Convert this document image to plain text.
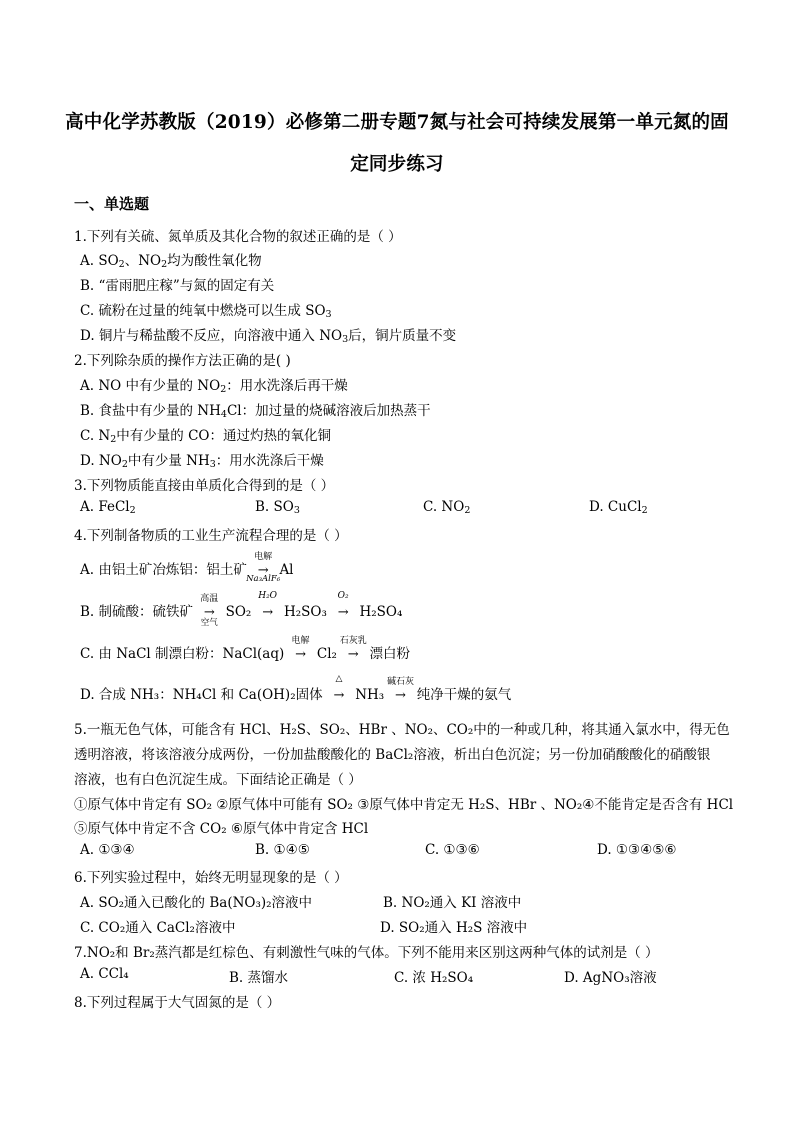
高中化学苏教版（2019）必修第二册专题7氮与社会可持续发展第一单元氮的固
定同步练习
一、单选题
1.下列有关硫、氮单质及其化合物的叙述正确的是（ ）
A. $SO_2$、$NO_2$均为酸性氧化物
B. “雷雨肥庄稼”与氮的固定有关
C. 硫粉在过量的纯氧中燃烧可以生成 $SO_3$
D. 铜片与稀盐酸不反应，向溶液中通入 $NO_3$后，铜片质量不变
2.下列除杂质的操作方法正确的是( )
A. NO 中有少量的 $NO_2$：用水洗涤后再干燥
B. 食盐中有少量的 $NH_4Cl$：加过量的烧碱溶液后加热蒸干
C. $N_2$中有少量的 CO：通过灼热的氧化铜
D. $NO_2$中有少量 $NH_3$：用水洗涤后干燥
3.下列物质能直接由单质化合得到的是（ ）
A. FeCl$_2$	B. $SO_3$	C. $NO_2$	D. CuCl$_2$
4.下列制备物质的工业生产流程合理的是（ ）
A. 由铝土矿冶炼铝：铝土矿
电解
→
Na₃AlF₆
Al
B. 制硫酸：硫铁矿
高温
→
空气
SO₂
H₂O
→ H₂SO₃
O₂
→ H₂SO₄
C. 由 NaCl 制漂白粉：NaCl(aq)
电解
→ Cl₂
石灰乳
→ 漂白粉
D. 合成 NH₃：NH₄Cl 和 Ca(OH)₂固体
△
→ NH₃
碱石灰
→ 纯净干燥的氨气
5.一瓶无色气体，可能含有 HCl、H₂S、SO₂、HBr 、NO₂、CO₂中的一种或几种，将其通入氯水中，得无色
透明溶液，将该溶液分成两份，一份加盐酸酸化的 BaCl₂溶液，析出白色沉淀；另一份加硝酸酸化的硝酸银
溶液，也有白色沉淀生成。下面结论正确是（ ）
①原气体中肯定有 SO₂ ②原气体中可能有 SO₂ ③原气体中肯定无 H₂S、HBr 、NO₂④不能肯定是否含有 HCl
⑤原气体中肯定不含 CO₂ ⑥原气体中肯定含 HCl
A. ①③④	B. ①④⑤	C. ①③⑥	D. ①③④⑤⑥
6.下列实验过程中，始终无明显现象的是（ ）
A. SO₂通入已酸化的 Ba(NO₃)₂溶液中	B. NO₂通入 KI 溶液中
C. CO₂通入 CaCl₂溶液中	D. SO₂通入 H₂S 溶液中
7.NO₂和 Br₂蒸汽都是红棕色、有刺激性气味的气体。下列不能用来区别这两种气体的试剂是（ ）
A. CCl₄	B. 蒸馏水	C. 浓 H₂SO₄	D. AgNO₃溶液
8.下列过程属于大气固氮的是（ ）
